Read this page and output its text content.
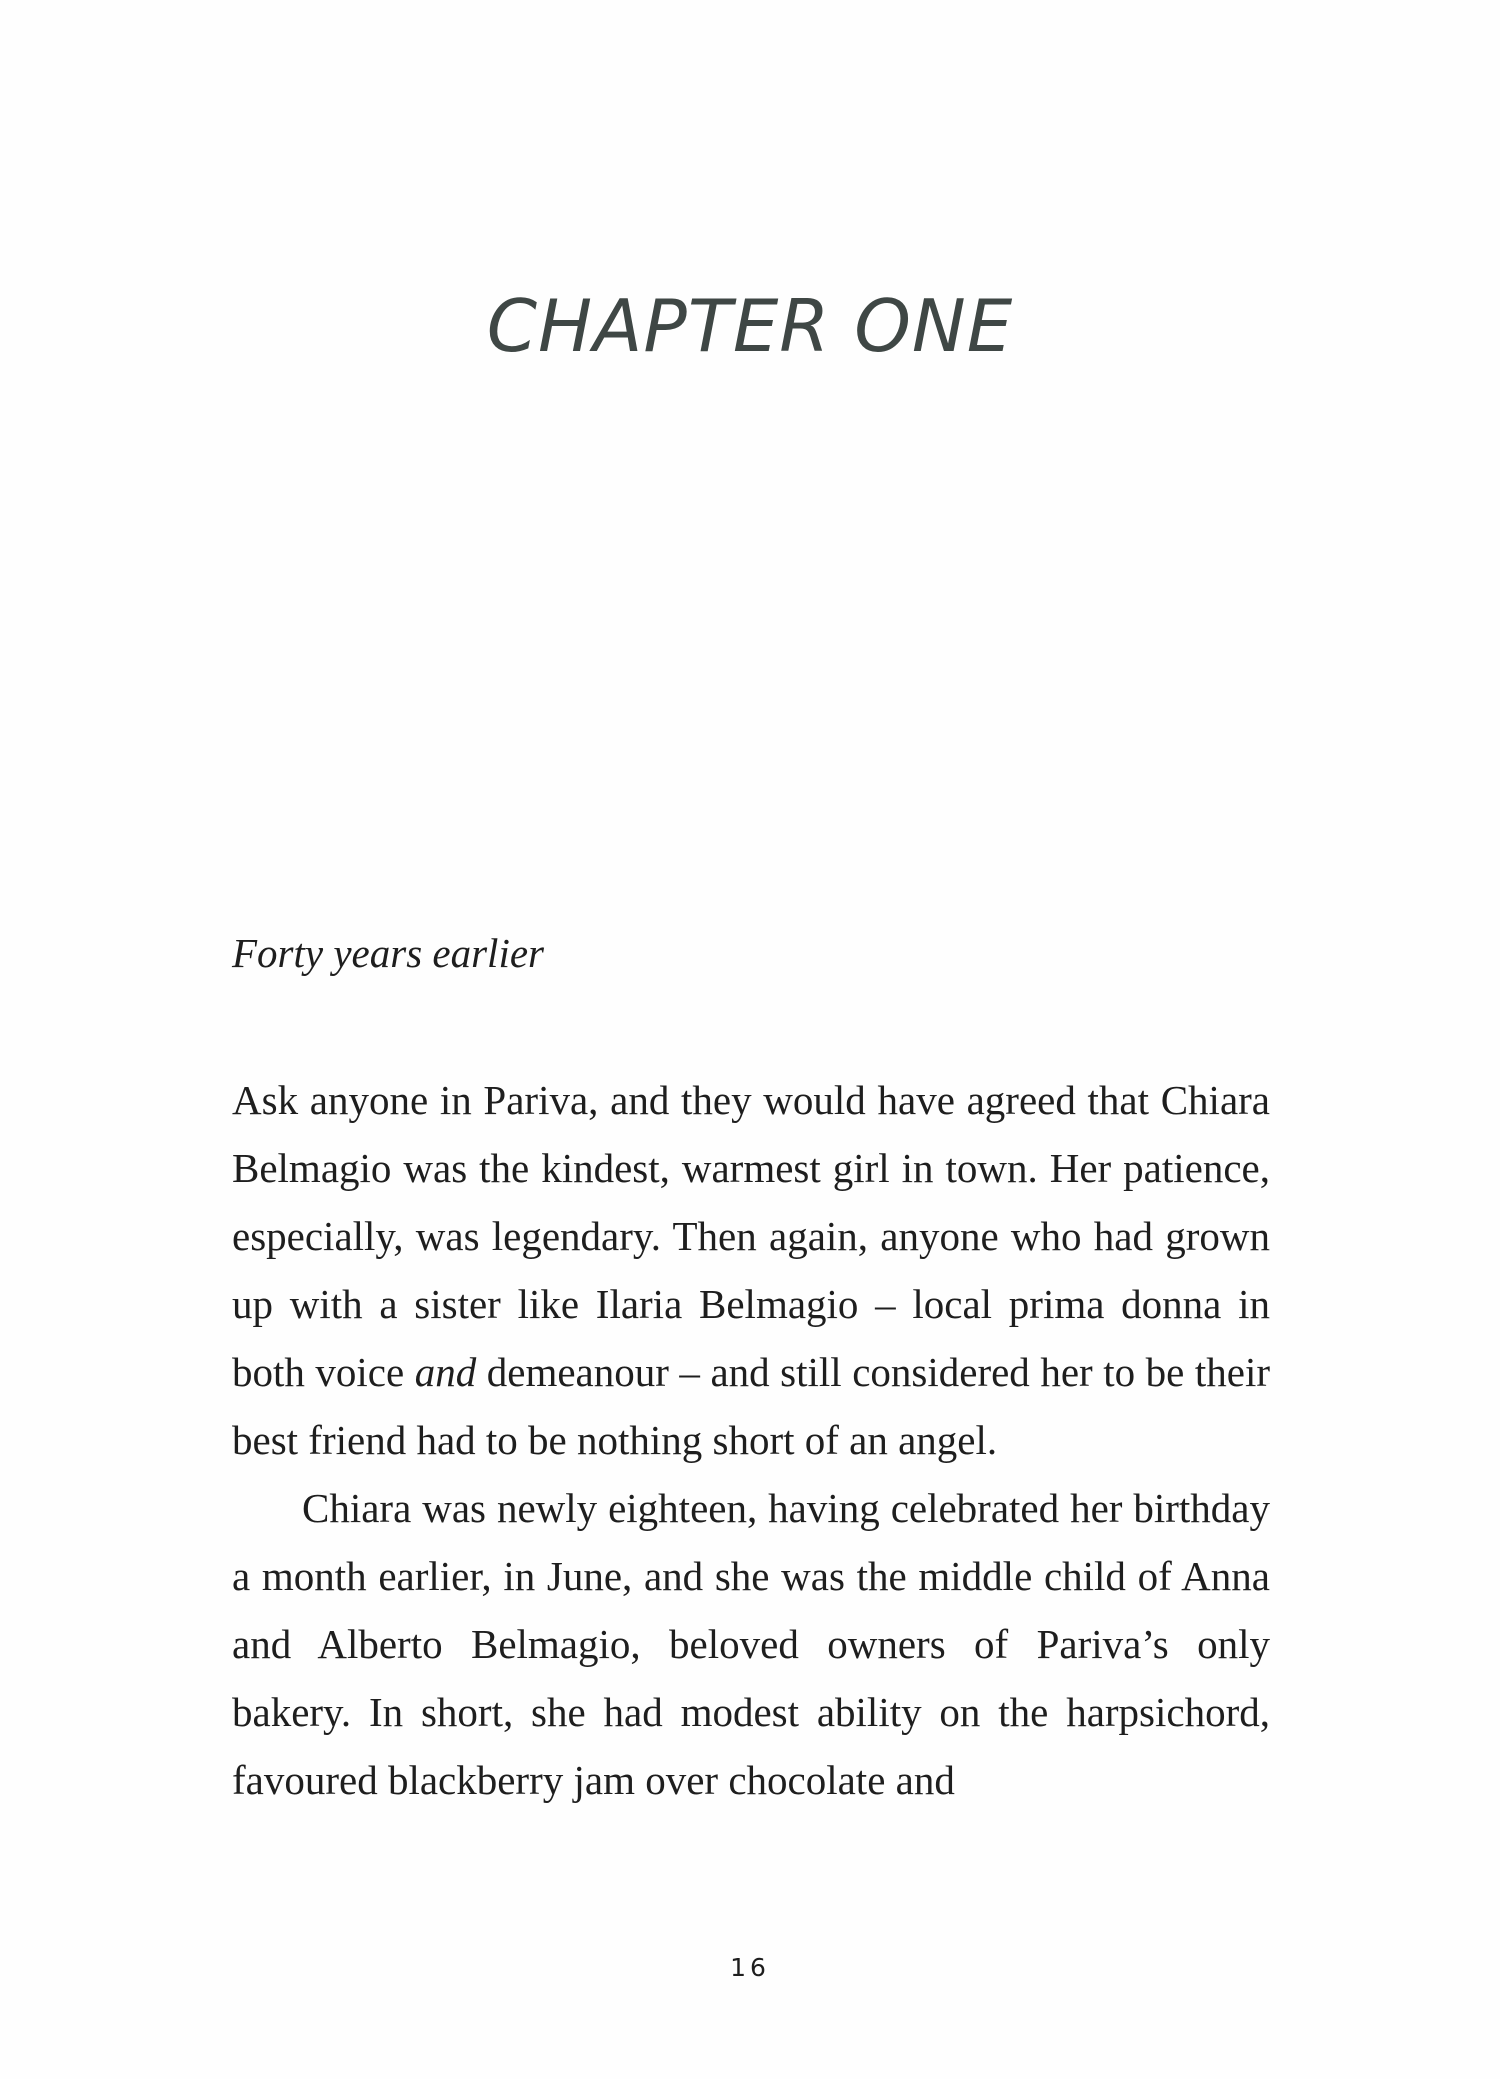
CHAPTER ONE
Forty years earlier

Ask anyone in Pariva, and they would have agreed that Chiara Belmagio was the kindest, warmest girl in town. Her patience, especially, was legendary. Then again, anyone who had grown up with a sister like Ilaria Belmagio – local prima donna in both voice and demeanour – and still considered her to be their best friend had to be nothing short of an angel.

Chiara was newly eighteen, having celebrated her birthday a month earlier, in June, and she was the middle child of Anna and Alberto Belmagio, beloved owners of Pariva’s only bakery. In short, she had modest ability on the harpsichord, favoured blackberry jam over chocolate and

16
